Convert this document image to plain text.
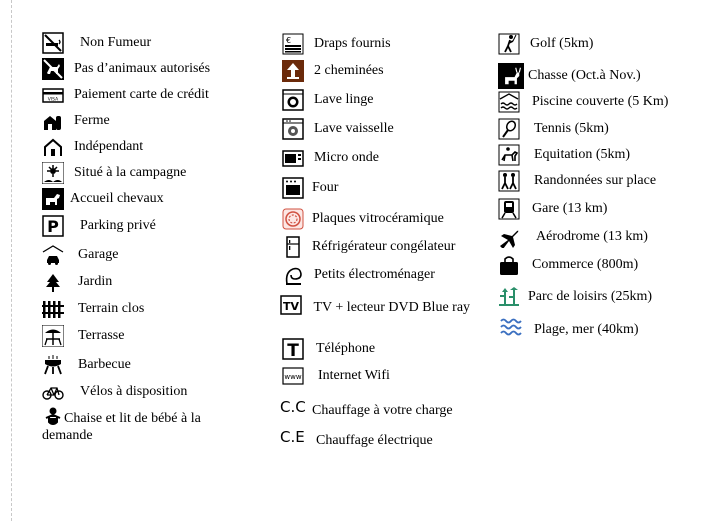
Non Fumeur
Pas d’animaux autorisés
VISA Paiement carte de crédit
Ferme
Indépendant
Situé à la campagne
Accueil chevaux
P Parking privé
Garage
Jardin
Terrain clos
Terrasse
Barbecue
Vélos à disposition
Chaise et lit de bébé à la demande
€ Draps fournis
2 cheminées
Lave linge
Lave vaisselle
Micro onde
Four
Plaques vitrocéramique
Réfrigérateur congélateur
Petits électroménager
TV TV + lecteur DVD Blue ray
T Téléphone
www Internet Wifi
C.C Chauffage à votre charge
C.E Chauffage électrique
Golf (5km)
Chasse (Oct.à Nov.)
Piscine couverte (5 Km)
Tennis (5km)
Equitation (5km)
Randonnées sur place
Gare (13 km)
Aérodrome (13 km)
Commerce (800m)
Parc de loisirs (25km)
Plage, mer (40km)
